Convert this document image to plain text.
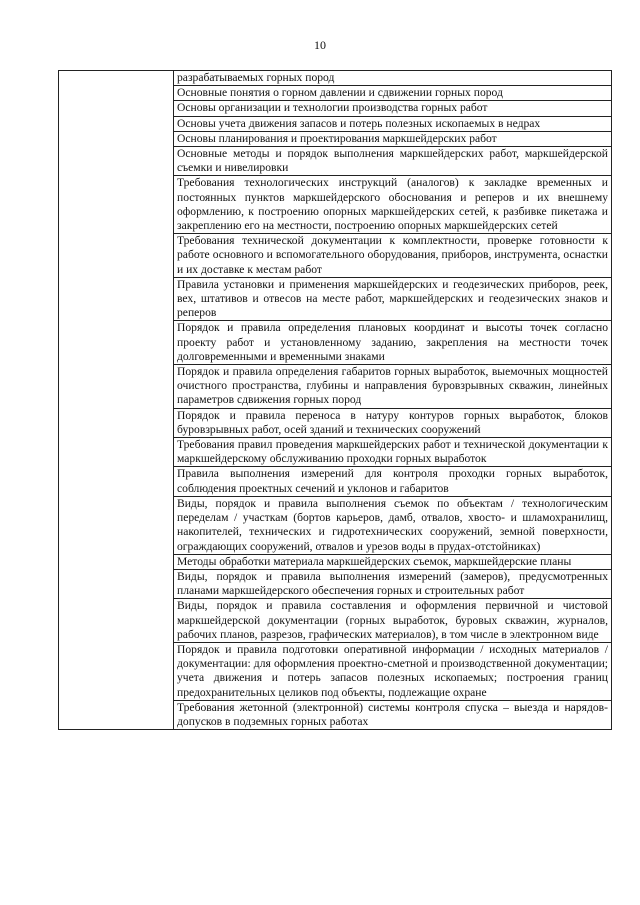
10
	разрабатываемых горных пород
Основные понятия о горном давлении и сдвижении горных пород
Основы организации и технологии производства горных работ
Основы учета движения запасов и потерь полезных ископаемых в недрах
Основы планирования и проектирования маркшейдерских работ
Основные методы и порядок выполнения маркшейдерских работ, маркшейдерской съемки и нивелировки
Требования технологических инструкций (аналогов) к закладке временных и постоянных пунктов маркшейдерского обоснования и реперов и их внешнему оформлению, к построению опорных маркшейдерских сетей, к разбивке пикетажа и закреплению его на местности, построению опорных маркшейдерских сетей
Требования технической документации к комплектности, проверке готовности к работе основного и вспомогательного оборудования, приборов, инструмента, оснастки и их доставке к местам работ
Правила установки и применения маркшейдерских и геодезических приборов, реек, вех, штативов и отвесов на месте работ, маркшейдерских и геодезических знаков и реперов
Порядок и правила определения плановых координат и высоты точек согласно проекту работ и установленному заданию, закрепления на местности точек долговременными и временными знаками
Порядок и правила определения габаритов горных выработок, выемочных мощностей очистного пространства, глубины и направления буровзрывных скважин, линейных параметров сдвижения горных пород
Порядок и правила переноса в натуру контуров горных выработок, блоков буровзрывных работ, осей зданий и технических сооружений
Требования правил проведения маркшейдерских работ и технической документации к маркшейдерскому обслуживанию проходки горных выработок
Правила выполнения измерений для контроля проходки горных выработок, соблюдения проектных сечений и уклонов и габаритов
Виды, порядок и правила выполнения съемок по объектам / технологическим переделам / участкам (бортов карьеров, дамб, отвалов, хвосто- и шламохранилищ, накопителей, технических и гидротехнических сооружений, земной поверхности, ограждающих сооружений, отвалов и урезов воды в прудах-отстойниках)
Методы обработки материала маркшейдерских съемок, маркшейдерские планы
Виды, порядок и правила выполнения измерений (замеров), предусмотренных планами маркшейдерского обеспечения горных и строительных работ
Виды, порядок и правила составления и оформления первичной и чистовой маркшейдерской документации (горных выработок, буровых скважин, журналов, рабочих планов, разрезов, графических материалов), в том числе в электронном виде
Порядок и правила подготовки оперативной информации / исходных материалов / документации: для оформления проектно-сметной и производственной документации; учета движения и потерь запасов полезных ископаемых; построения границ предохранительных целиков под объекты, подлежащие охране
Требования жетонной (электронной) системы контроля спуска – выезда и нарядов-допусков в подземных горных работах
